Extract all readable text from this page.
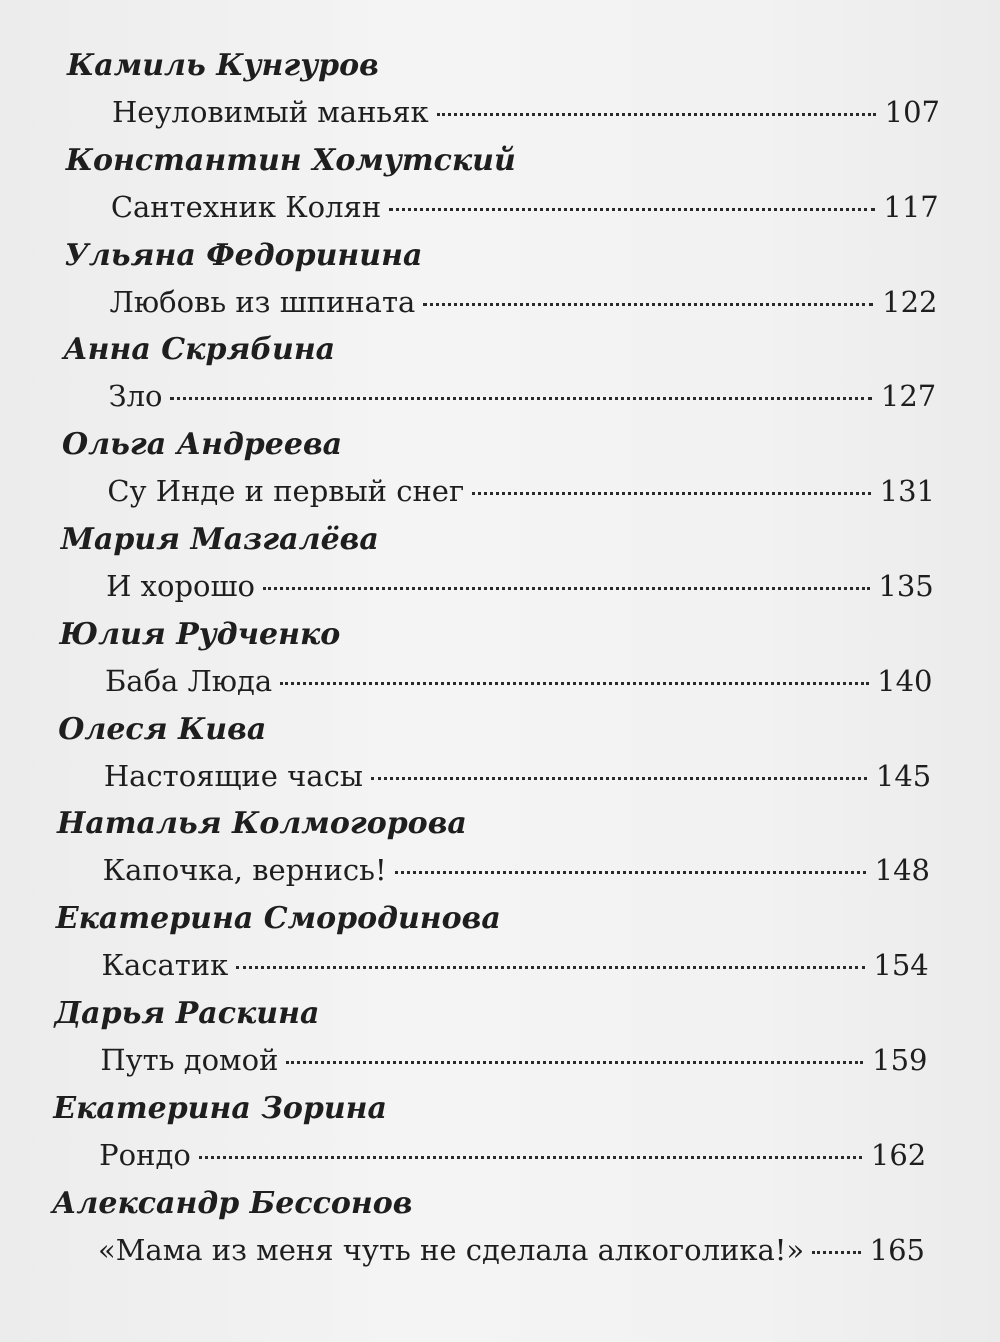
Камиль Кунгуров
Неуловимый маньяк	107
Константин Хомутский
Сантехник Колян	117
Ульяна Федоринина
Любовь из шпината	122
Анна Скрябина
Зло	127
Ольга Андреева
Су Инде и первый снег	131
Мария Мазгалёва
И хорошо	135
Юлия Рудченко
Баба Люда	140
Олеся Кива
Настоящие часы	145
Наталья Колмогорова
Капочка, вернись!	148
Екатерина Смородинова
Касатик	154
Дарья Раскина
Путь домой	159
Екатерина Зорина
Рондо	162
Александр Бессонов
«Мама из меня чуть не сделала алкоголика!» 165
